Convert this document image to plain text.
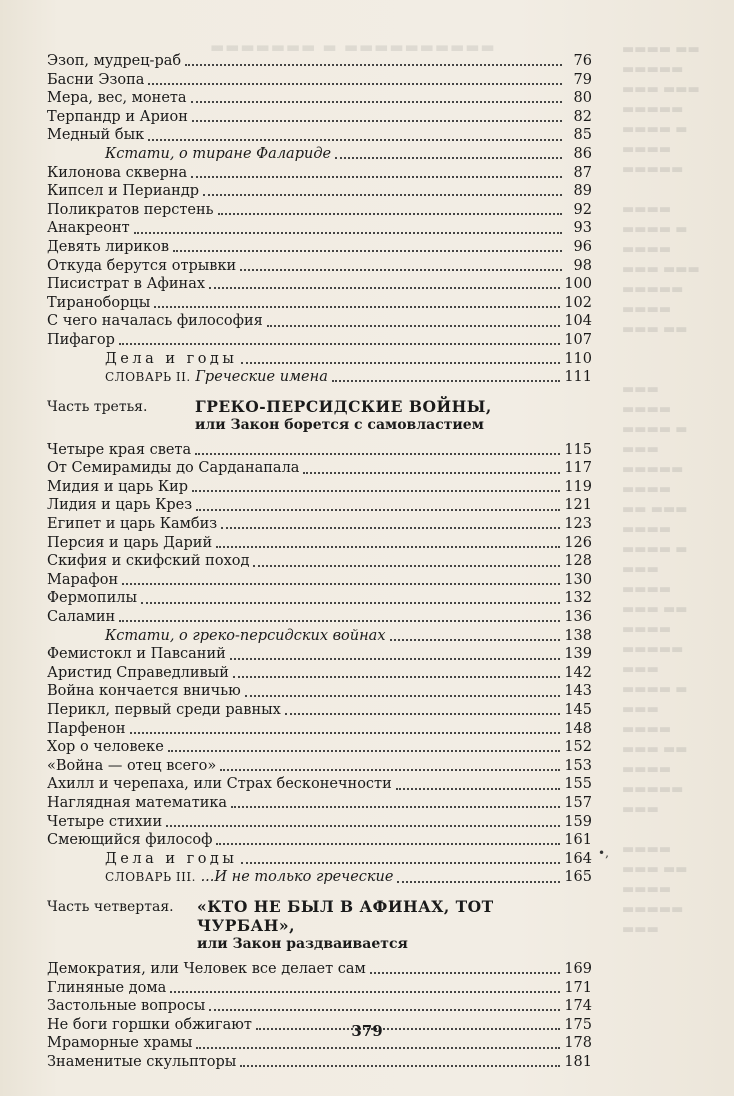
▬▬▬▬▬▬▬ ▬ ▬▬▬▬▬▬▬▬▬▬	▬▬▬▬ ▬▬
▬▬▬▬▬
▬▬▬ ▬▬▬
▬▬▬▬▬
▬▬▬▬ ▬
▬▬▬▬
▬▬▬▬▬

▬▬▬▬
▬▬▬▬ ▬
▬▬▬▬
▬▬▬ ▬▬▬
▬▬▬▬▬
▬▬▬▬
▬▬▬ ▬▬

▬▬▬
▬▬▬▬
▬▬▬▬ ▬
▬▬▬
▬▬▬▬▬
▬▬▬▬
▬▬ ▬▬▬
▬▬▬▬
▬▬▬▬ ▬
▬▬▬
▬▬▬▬
▬▬▬ ▬▬
▬▬▬▬
▬▬▬▬▬
▬▬▬
▬▬▬▬ ▬
▬▬▬
▬▬▬▬
▬▬▬ ▬▬
▬▬▬▬
▬▬▬▬▬
▬▬▬

▬▬▬▬
▬▬▬ ▬▬
▬▬▬▬
▬▬▬▬▬
▬▬▬
Эзоп, мудрец-раб	76
Басни Эзопа	79
Мера, вес, монета	80
Терпандр и Арион	82
Медный бык	85
Кстати, о тиране Фалариде	86
Килонова скверна	87
Кипсел и Периандр	89
Поликратов перстень	92
Анакреонт	93
Девять лириков	96
Откуда берутся отрывки	98
Писистрат в Афинах	100
Тираноборцы	102
С чего началась философия	104
Пифагор	107
Дела и годы	110
СЛОВАРЬ II. Греческие имена	111
Часть третья.	ГРЕКО-ПЕРСИДСКИЕ ВОЙНЫ,
или Закон борется с самовластием
Четыре края света	115
От Семирамиды до Сарданапала	117
Мидия и царь Кир	119
Лидия и царь Крез	121
Египет и царь Камбиз	123
Персия и царь Дарий	126
Скифия и скифский поход	128
Марафон	130
Фермопилы	132
Саламин	136
Кстати, о греко-персидских войнах	138
Фемистокл и Павсаний	139
Аристид Справедливый	142
Война кончается вничью	143
Перикл, первый среди равных	145
Парфенон	148
Хор о человеке	152
«Война — отец всего»	153
Ахилл и черепаха, или Страх бесконечности	155
Наглядная математика	157
Четыре стихии	159
Смеющийся философ	161
Дела и годы	164
СЛОВАРЬ III. ...И не только греческие	165
Часть четвертая.	«КТО НЕ БЫЛ В АФИНАХ, ТОТ ЧУРБАН»,
или Закон раздваивается
Демократия, или Человек все делает сам	169
Глиняные дома	171
Застольные вопросы	174
Не боги горшки обжигают	175
Мраморные храмы	178
Знаменитые скульпторы	181
379
•,
